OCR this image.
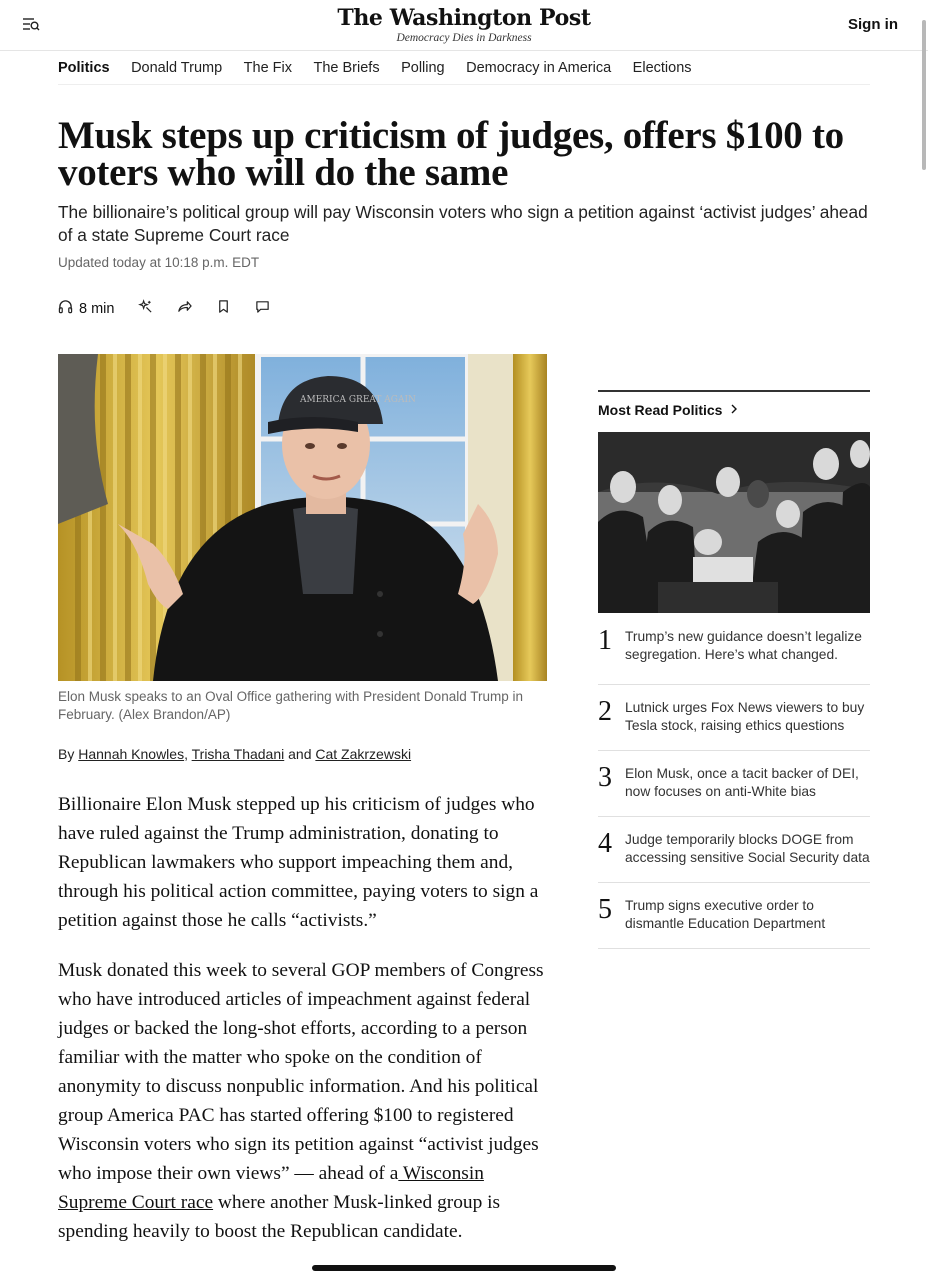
The Washington Post
Democracy Dies in Darkness
Sign in
Politics Donald Trump The Fix The Briefs Polling Democracy in America Elections
Musk steps up criticism of judges, offers $100 to voters who will do the same

The billionaire’s political group will pay Wisconsin voters who sign a petition against ‘activist judges’ ahead of a state Supreme Court race

Updated today at 10:18 p.m. EDT
8 min
AMERICA GREAT AGAIN
Elon Musk speaks to an Oval Office gathering with President Donald Trump in February. (Alex Brandon/AP)
By Hannah Knowles, Trisha Thadani and Cat Zakrzewski

Billionaire Elon Musk stepped up his criticism of judges who have ruled against the Trump administration, donating to Republican lawmakers who support impeaching them and, through his political action committee, paying voters to sign a petition against those he calls “activists.”

Musk donated this week to several GOP members of Congress who have introduced articles of impeachment against federal judges or backed the long-shot efforts, according to a person familiar with the matter who spoke on the condition of anonymity to discuss nonpublic information. And his political group America PAC has started offering $100 to registered Wisconsin voters who sign its petition against “activist judges who impose their own views” — ahead of a Wisconsin Supreme Court race where another Musk-linked group is spending heavily to boost the Republican candidate.

Most Read Politics
1 Trump’s new guidance doesn’t legalize segregation. Here’s what changed.
2 Lutnick urges Fox News viewers to buy Tesla stock, raising ethics questions
3 Elon Musk, once a tacit backer of DEI, now focuses on anti-White bias
4 Judge temporarily blocks DOGE from accessing sensitive Social Security data
5 Trump signs executive order to dismantle Education Department
